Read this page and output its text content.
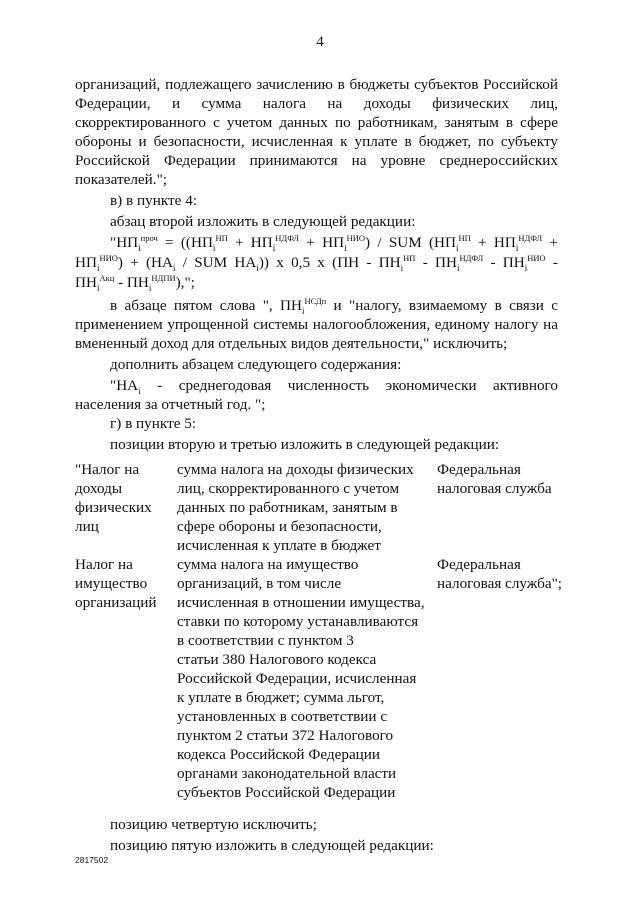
4
организаций, подлежащего зачислению в бюджеты субъектов Российской
Федерации, и сумма налога на доходы физических лиц,
скорректированного с учетом данных по работникам, занятым в сфере
обороны и безопасности, исчисленная к уплате в бюджет, по субъекту
Российской Федерации принимаются на уровне среднероссийских
показателей.";
в) в пункте 4:
абзац второй изложить в следующей редакции:
"$НП_i^{проч} = ((НП_i^{НП} + НП_i^{НДФЛ} + НП_i^{НИО})$ / SUM ($НП_i^{НП} + НП_i^{НДФЛ}$ +
$НП_i^{НИО}) + (НА_i$ / SUM $НА_i$)) x 0,5 x ($ПН - ПН_i^{НП} - ПН_i^{НДФЛ} - ПН_i^{НИО}$ -
$ПН_i^{Акц} - ПН_i^{НДПИ}$),";
в абзаце пятом слова ", $ПН_i^{НСДп}$ и "налогу, взимаемому в связи с
применением упрощенной системы налогообложения, единому налогу на
вмененный доход для отдельных видов деятельности," исключить;
дополнить абзацем следующего содержания:
"$НА_i$ - среднегодовая численность экономически активного
населения за отчетный год. ";
г) в пункте 5:
позиции вторую и третью изложить в следующей редакции:
"Налог на
доходы
физических
лиц
сумма налога на доходы физических
лиц, скорректированного с учетом
данных по работникам, занятым в
сфере обороны и безопасности,
исчисленная к уплате в бюджет
Федеральная
налоговая служба
Налог на
имущество
организаций
сумма налога на имущество
организаций, в том числе
исчисленная в отношении имущества,
ставки по которому устанавливаются
в соответствии с пунктом 3
статьи 380 Налогового кодекса
Российской Федерации, исчисленная
к уплате в бюджет; сумма льгот,
установленных в соответствии с
пунктом 2 статьи 372 Налогового
кодекса Российской Федерации
органами законодательной власти
субъектов Российской Федерации
Федеральная
налоговая служба";
позицию четвертую исключить;
позицию пятую изложить в следующей редакции:
2817502
